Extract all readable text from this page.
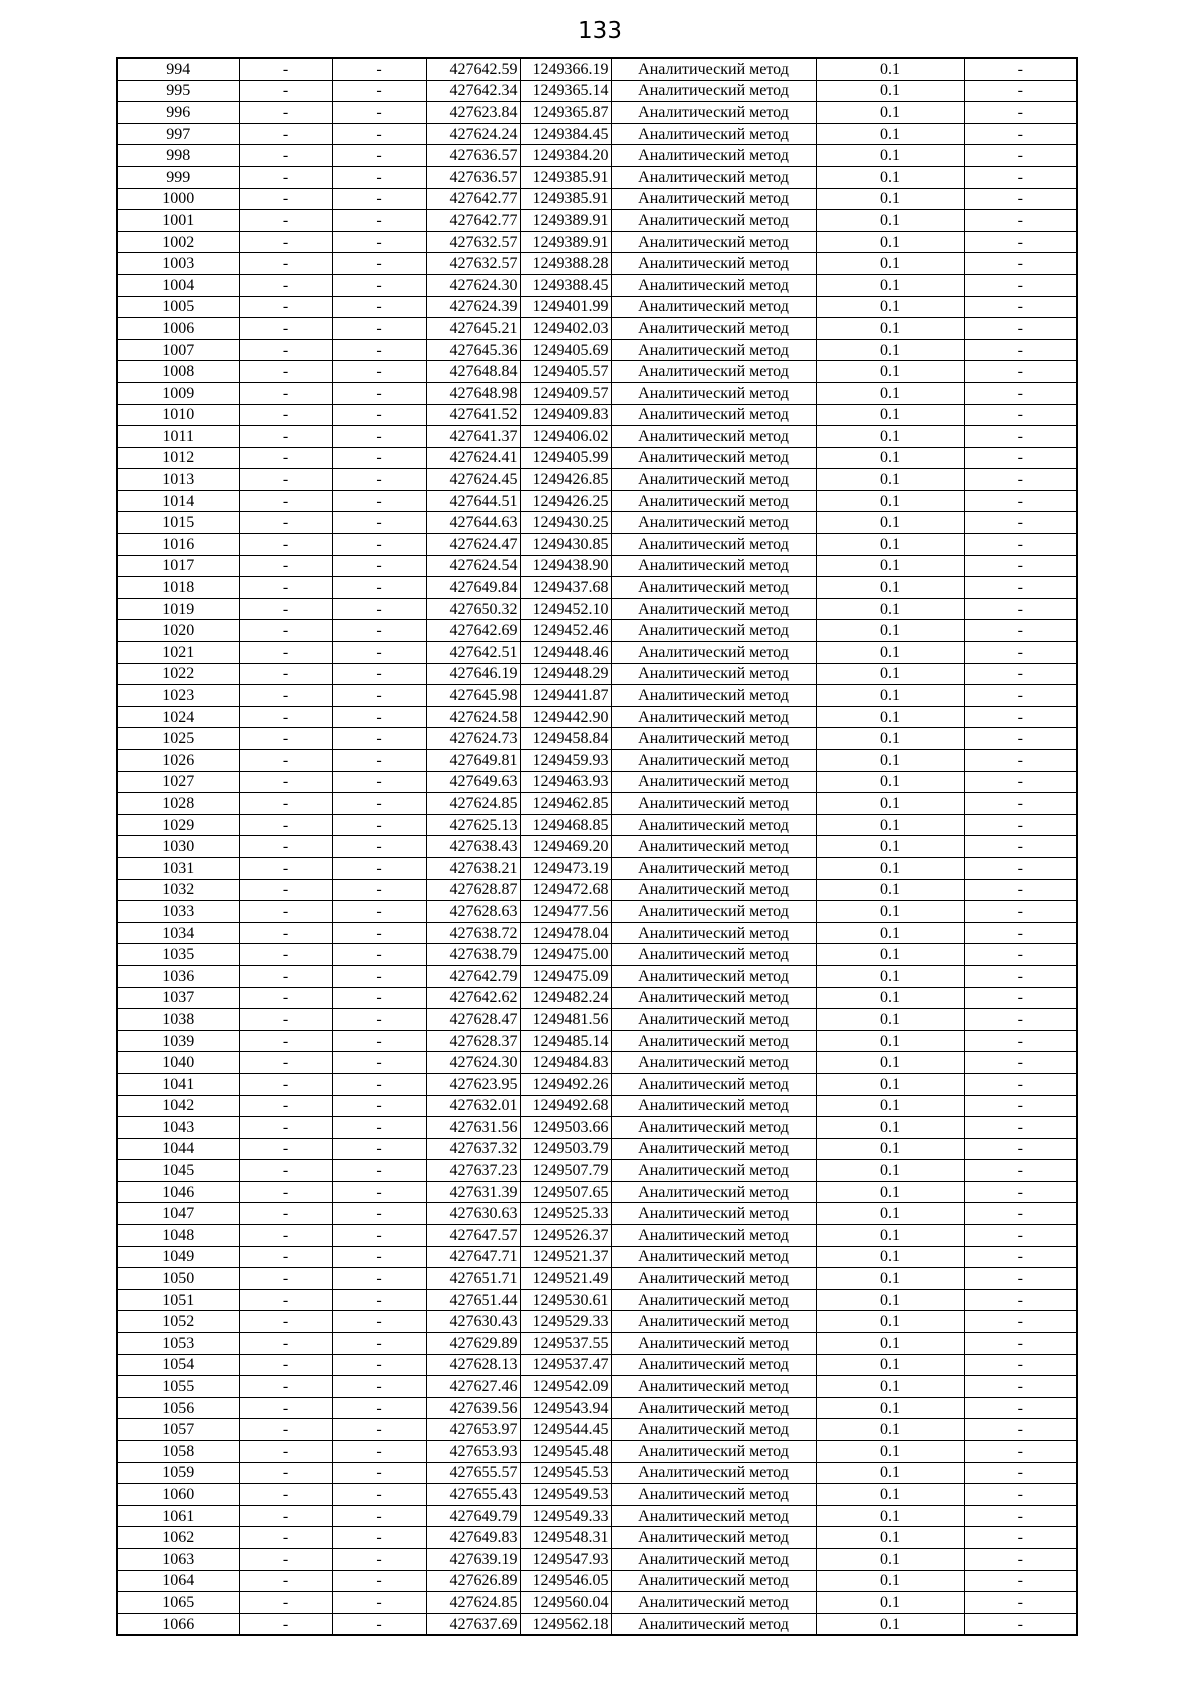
133
994	-	-	427642.59	1249366.19	Аналитический метод	0.1	-
995	-	-	427642.34	1249365.14	Аналитический метод	0.1	-
996	-	-	427623.84	1249365.87	Аналитический метод	0.1	-
997	-	-	427624.24	1249384.45	Аналитический метод	0.1	-
998	-	-	427636.57	1249384.20	Аналитический метод	0.1	-
999	-	-	427636.57	1249385.91	Аналитический метод	0.1	-
1000	-	-	427642.77	1249385.91	Аналитический метод	0.1	-
1001	-	-	427642.77	1249389.91	Аналитический метод	0.1	-
1002	-	-	427632.57	1249389.91	Аналитический метод	0.1	-
1003	-	-	427632.57	1249388.28	Аналитический метод	0.1	-
1004	-	-	427624.30	1249388.45	Аналитический метод	0.1	-
1005	-	-	427624.39	1249401.99	Аналитический метод	0.1	-
1006	-	-	427645.21	1249402.03	Аналитический метод	0.1	-
1007	-	-	427645.36	1249405.69	Аналитический метод	0.1	-
1008	-	-	427648.84	1249405.57	Аналитический метод	0.1	-
1009	-	-	427648.98	1249409.57	Аналитический метод	0.1	-
1010	-	-	427641.52	1249409.83	Аналитический метод	0.1	-
1011	-	-	427641.37	1249406.02	Аналитический метод	0.1	-
1012	-	-	427624.41	1249405.99	Аналитический метод	0.1	-
1013	-	-	427624.45	1249426.85	Аналитический метод	0.1	-
1014	-	-	427644.51	1249426.25	Аналитический метод	0.1	-
1015	-	-	427644.63	1249430.25	Аналитический метод	0.1	-
1016	-	-	427624.47	1249430.85	Аналитический метод	0.1	-
1017	-	-	427624.54	1249438.90	Аналитический метод	0.1	-
1018	-	-	427649.84	1249437.68	Аналитический метод	0.1	-
1019	-	-	427650.32	1249452.10	Аналитический метод	0.1	-
1020	-	-	427642.69	1249452.46	Аналитический метод	0.1	-
1021	-	-	427642.51	1249448.46	Аналитический метод	0.1	-
1022	-	-	427646.19	1249448.29	Аналитический метод	0.1	-
1023	-	-	427645.98	1249441.87	Аналитический метод	0.1	-
1024	-	-	427624.58	1249442.90	Аналитический метод	0.1	-
1025	-	-	427624.73	1249458.84	Аналитический метод	0.1	-
1026	-	-	427649.81	1249459.93	Аналитический метод	0.1	-
1027	-	-	427649.63	1249463.93	Аналитический метод	0.1	-
1028	-	-	427624.85	1249462.85	Аналитический метод	0.1	-
1029	-	-	427625.13	1249468.85	Аналитический метод	0.1	-
1030	-	-	427638.43	1249469.20	Аналитический метод	0.1	-
1031	-	-	427638.21	1249473.19	Аналитический метод	0.1	-
1032	-	-	427628.87	1249472.68	Аналитический метод	0.1	-
1033	-	-	427628.63	1249477.56	Аналитический метод	0.1	-
1034	-	-	427638.72	1249478.04	Аналитический метод	0.1	-
1035	-	-	427638.79	1249475.00	Аналитический метод	0.1	-
1036	-	-	427642.79	1249475.09	Аналитический метод	0.1	-
1037	-	-	427642.62	1249482.24	Аналитический метод	0.1	-
1038	-	-	427628.47	1249481.56	Аналитический метод	0.1	-
1039	-	-	427628.37	1249485.14	Аналитический метод	0.1	-
1040	-	-	427624.30	1249484.83	Аналитический метод	0.1	-
1041	-	-	427623.95	1249492.26	Аналитический метод	0.1	-
1042	-	-	427632.01	1249492.68	Аналитический метод	0.1	-
1043	-	-	427631.56	1249503.66	Аналитический метод	0.1	-
1044	-	-	427637.32	1249503.79	Аналитический метод	0.1	-
1045	-	-	427637.23	1249507.79	Аналитический метод	0.1	-
1046	-	-	427631.39	1249507.65	Аналитический метод	0.1	-
1047	-	-	427630.63	1249525.33	Аналитический метод	0.1	-
1048	-	-	427647.57	1249526.37	Аналитический метод	0.1	-
1049	-	-	427647.71	1249521.37	Аналитический метод	0.1	-
1050	-	-	427651.71	1249521.49	Аналитический метод	0.1	-
1051	-	-	427651.44	1249530.61	Аналитический метод	0.1	-
1052	-	-	427630.43	1249529.33	Аналитический метод	0.1	-
1053	-	-	427629.89	1249537.55	Аналитический метод	0.1	-
1054	-	-	427628.13	1249537.47	Аналитический метод	0.1	-
1055	-	-	427627.46	1249542.09	Аналитический метод	0.1	-
1056	-	-	427639.56	1249543.94	Аналитический метод	0.1	-
1057	-	-	427653.97	1249544.45	Аналитический метод	0.1	-
1058	-	-	427653.93	1249545.48	Аналитический метод	0.1	-
1059	-	-	427655.57	1249545.53	Аналитический метод	0.1	-
1060	-	-	427655.43	1249549.53	Аналитический метод	0.1	-
1061	-	-	427649.79	1249549.33	Аналитический метод	0.1	-
1062	-	-	427649.83	1249548.31	Аналитический метод	0.1	-
1063	-	-	427639.19	1249547.93	Аналитический метод	0.1	-
1064	-	-	427626.89	1249546.05	Аналитический метод	0.1	-
1065	-	-	427624.85	1249560.04	Аналитический метод	0.1	-
1066	-	-	427637.69	1249562.18	Аналитический метод	0.1	-
